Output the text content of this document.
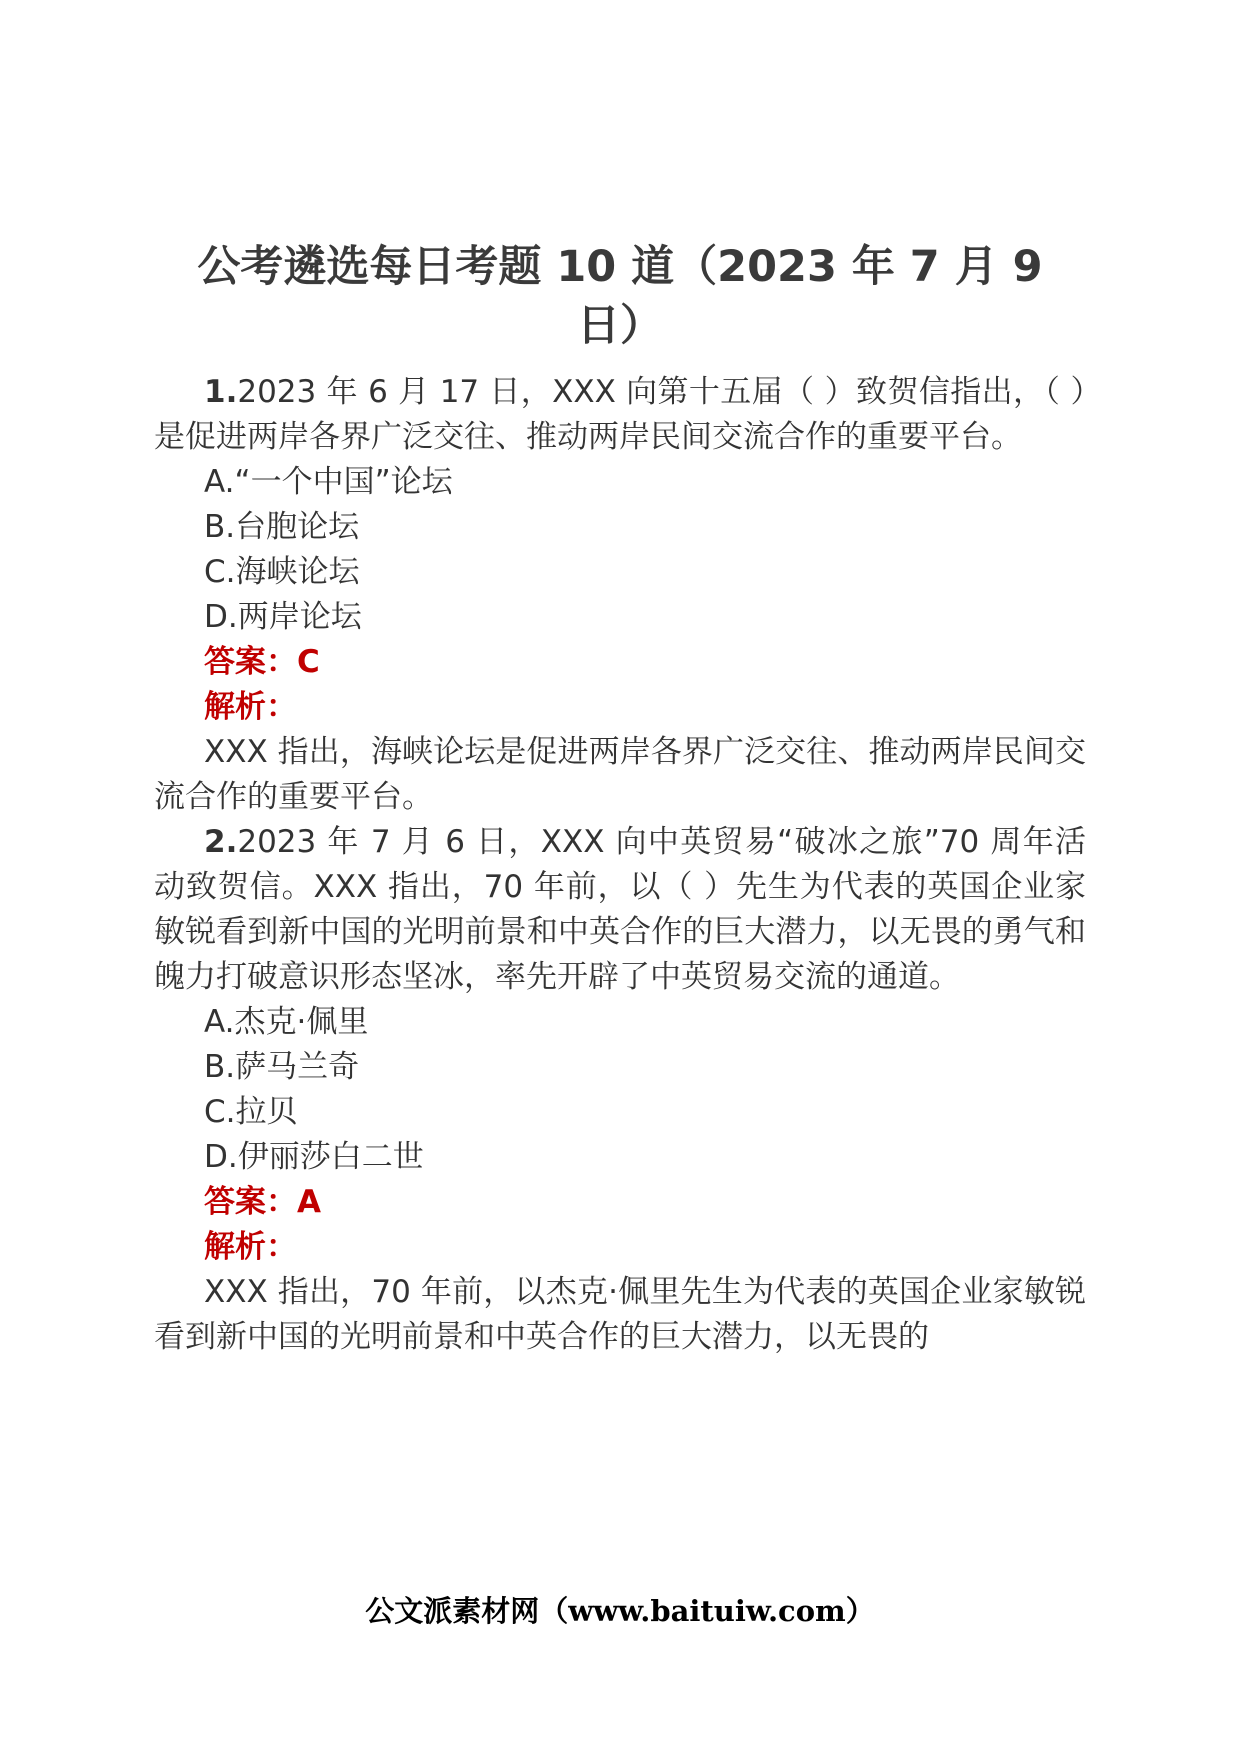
公考遴选每日考题 10 道（2023 年 7 月 9 日）

1.2023 年 6 月 17 日，XXX 向第十五届（ ）致贺信指出，（ ）是促进两岸各界广泛交往、推动两岸民间交流合作的重要平台。

A.“一个中国”论坛

B.台胞论坛

C.海峡论坛

D.两岸论坛

答案：C

解析：

XXX 指出，海峡论坛是促进两岸各界广泛交往、推动两岸民间交流合作的重要平台。

2.2023 年 7 月 6 日，XXX 向中英贸易“破冰之旅”70 周年活动致贺信。XXX 指出，70 年前，以（ ）先生为代表的英国企业家敏锐看到新中国的光明前景和中英合作的巨大潜力，以无畏的勇气和魄力打破意识形态坚冰，率先开辟了中英贸易交流的通道。

A.杰克·佩里

B.萨马兰奇

C.拉贝

D.伊丽莎白二世

答案：A

解析：

XXX 指出，70 年前，以杰克·佩里先生为代表的英国企业家敏锐看到新中国的光明前景和中英合作的巨大潜力，以无畏的

公文派素材网（www.baituiw.com）
